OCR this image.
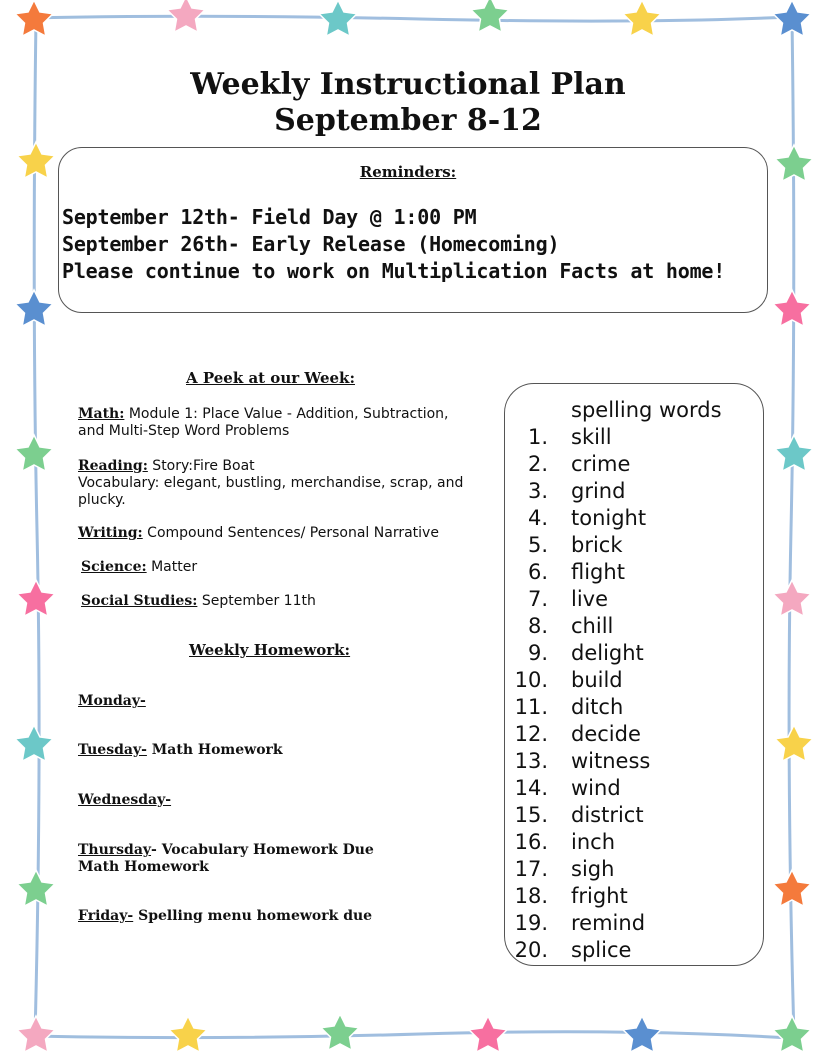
Weekly Instructional Plan
September 8-12
Reminders:
September 12th- Field Day @ 1:00 PM
September 26th- Early Release (Homecoming)
Please continue to work on Multiplication Facts at home!
A Peek at our Week:
Math: Module 1: Place Value - Addition, Subtraction, and Multi-Step Word Problems
Reading: Story:Fire Boat
Vocabulary: elegant, bustling, merchandise, scrap, and plucky.
Writing: Compound Sentences/ Personal Narrative
Science: Matter
Social Studies: September 11th
Weekly Homework:
Monday-
Tuesday- Math Homework
Wednesday-
Thursday- Vocabulary Homework Due
Math Homework
Friday- Spelling menu homework due
spelling words
1. skill
2. crime
3. grind
4. tonight
5. brick
6. flight
7. live
8. chill
9. delight
10. build
11. ditch
12. decide
13. witness
14. wind
15. district
16. inch
17. sigh
18. fright
19. remind
20. splice
